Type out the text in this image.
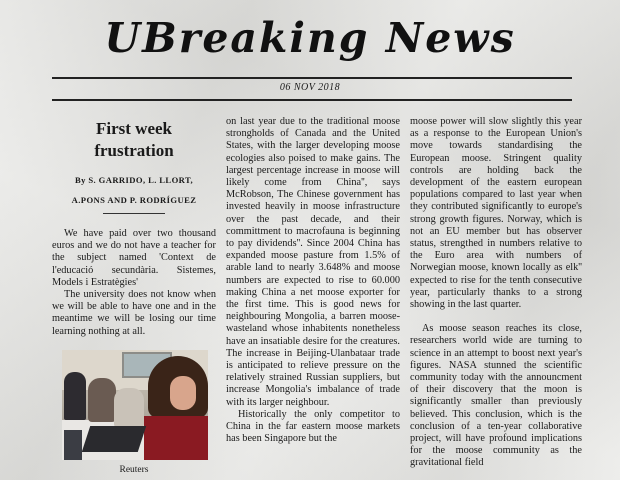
UBreaking News
06 NOV 2018
First week
frustration
By S. GARRIDO, L. LLORT,
A.PONS AND P. RODRÍGUEZ

We have paid over two thousand euros and we do not have a teacher for the subject named 'Context de l'educació secundària. Sistemes, Models i Estratègies'

The university does not know when we will be able to have one and in the meantime we will be losing our time learning nothing at all.

Reuters

on last year due to the traditional moose strongholds of Canada and the United States, with the larger developing moose ecologies also poised to make gains. The largest percentage increase in moose will likely come from China'', says McRobson, The Chinese government has invested heavily in moose infrastructure over the past decade, and their committment to macrofauna is beginning to pay dividends''. Since 2004 China has expanded moose pasture from 1.5% of arable land to nearly 3.648% and moose numbers are expected to rise to 60.000 making China a net moose exporter for the first time. This is good news for neighbouring Mongolia, a barren moose-wasteland whose inhabitents nonetheless have an insatiable desire for the creatures. The increase in Beijing-Ulanbataar trade is anticipated to relieve pressure on the relatively strained Russian suppliers, but increase Mongolia's imbalance of trade with its larger neighbour.

Historically the only competitor to China in the far eastern moose markets has been Singapore but the

moose power will slow slightly this year as a response to the European Union's move towards standardising the European moose. Stringent quality controls are holding back the development of the eastern european populations compared to last year when they contributed significantly to europe's strong growth figures. Norway, which is not an EU member but has observer status, strengthed in numbers relative to the Euro area with numbers of Norwegian moose, known locally as elk'' expected to rise for the tenth consecutive year, particularly thanks to a strong showing in the last quarter.

As moose season reaches its close, researchers world wide are turning to science in an attempt to boost next year's figures. NASA stunned the scientific community today with the announcment of their discovery that the moon is significantly smaller than previously believed. This conclusion, which is the conclusion of a ten-year collaborative project, will have profound implications for the moose community as the gravitational field
